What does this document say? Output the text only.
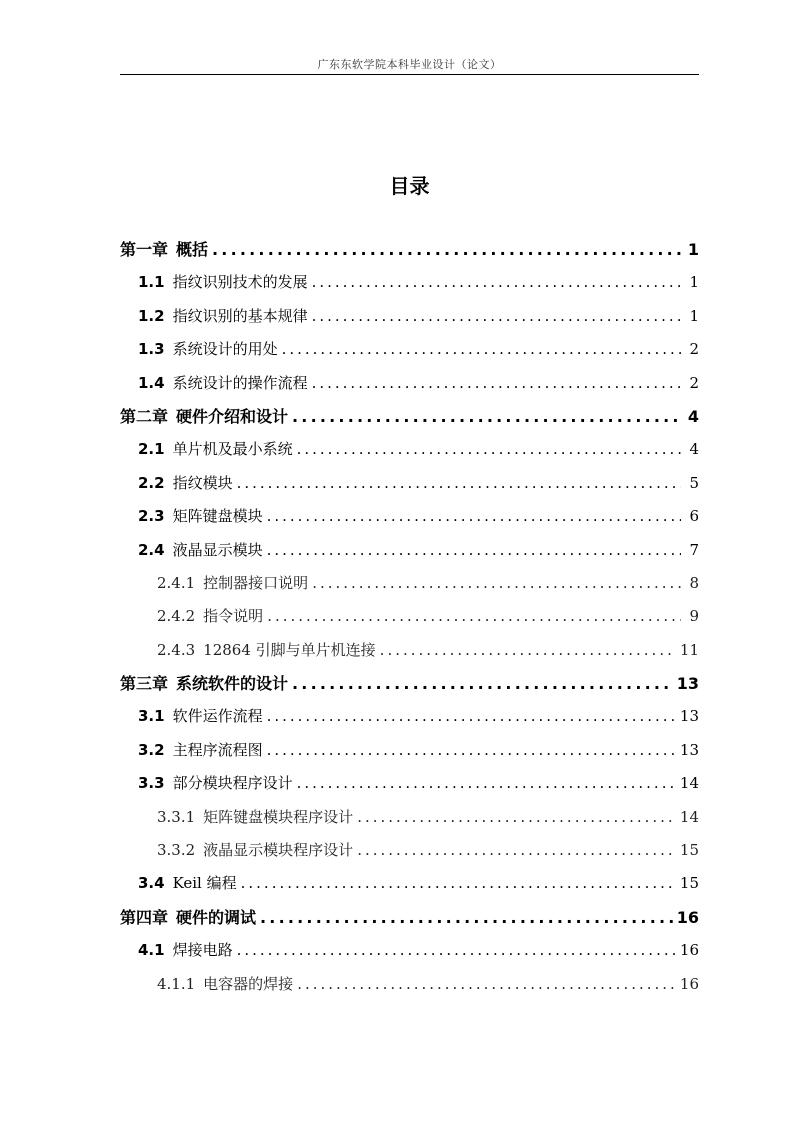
广东东软学院本科毕业设计（论文）
目录
第一章 概括 .....	1
1.1 指纹识别技术的发展 .....	1
1.2 指纹识别的基本规律 .....	1
1.3 系统设计的用处 .....	2
1.4 系统设计的操作流程 .....	2
第二章 硬件介绍和设计 .....	4
2.1 单片机及最小系统 .....	4
2.2 指纹模块 .....	5
2.3 矩阵键盘模块 .....	6
2.4 液晶显示模块 .....	7
2.4.1 控制器接口说明 .....	8
2.4.2 指令说明 .....	9
2.4.3 12864 引脚与单片机连接 .....	11
第三章 系统软件的设计 .....	13
3.1 软件运作流程 .....	13
3.2 主程序流程图 .....	13
3.3 部分模块程序设计 .....	14
3.3.1 矩阵键盘模块程序设计 .....	14
3.3.2 液晶显示模块程序设计 .....	15
3.4 Keil 编程 .....	15
第四章 硬件的调试 .....	16
4.1 焊接电路 .....	16
4.1.1 电容器的焊接 .....	16
